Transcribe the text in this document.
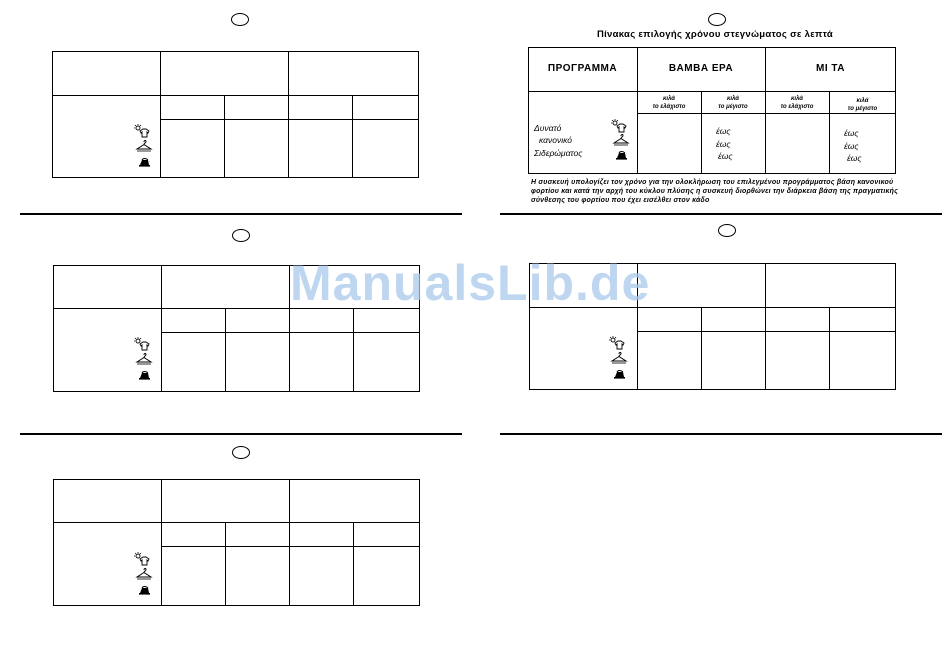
Πίνακας επιλογής χρόνου στεγνώματος σε λεπτά
ΠΡΟΓΡΑΜΜΑ	ΒΑΜΒΑ ΕΡΑ	ΜΙ ΤΑ
κιλά
το ελάχιστο
κιλά
το μέγιστο
κιλά
το ελάχιστο
κιλά
το μέγιστο
Δυνατό
κανονικό
Σιδερώματος
έως
έως
έως
έως
έως
έως
Η συσκευή υπολογίζει τον χρόνο για την ολοκλήρωση του επιλεγμένου προγράμματος βάση κανονικού φορτίου και κατά την αρχή του κύκλου πλύσης η συσκευή διορθώνει την διάρκεια βάση της πραγματικής σύνθεσης του φορτίου που έχει εισέλθει στον κάδο
ManualsLib.de
